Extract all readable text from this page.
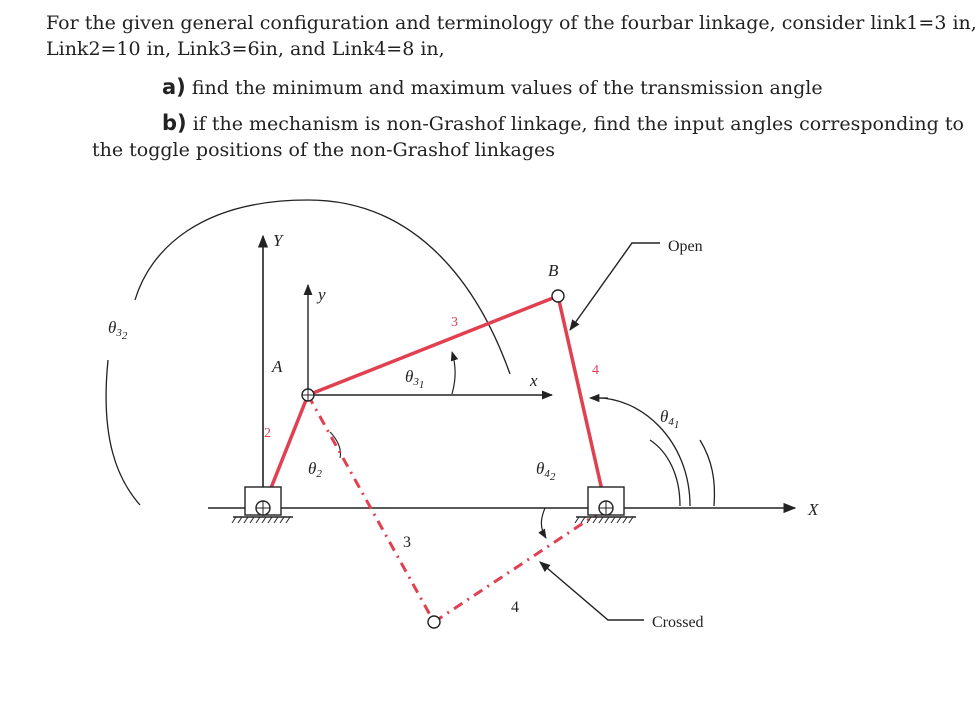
For the given general configuration and terminology of the fourbar linkage, consider link1=3 in,

Link2=10 in, Link3=6in, and Link4=8 in,

a) find the minimum and maximum values of the transmission angle

b) if the mechanism is non-Grashof linkage, find the input angles corresponding to

the toggle positions of the non-Grashof linkages

X
Y
y
x
θ32
θ2
θ31
θ42
θ41
3
4
2
3
4
A
B
Open
Crossed
